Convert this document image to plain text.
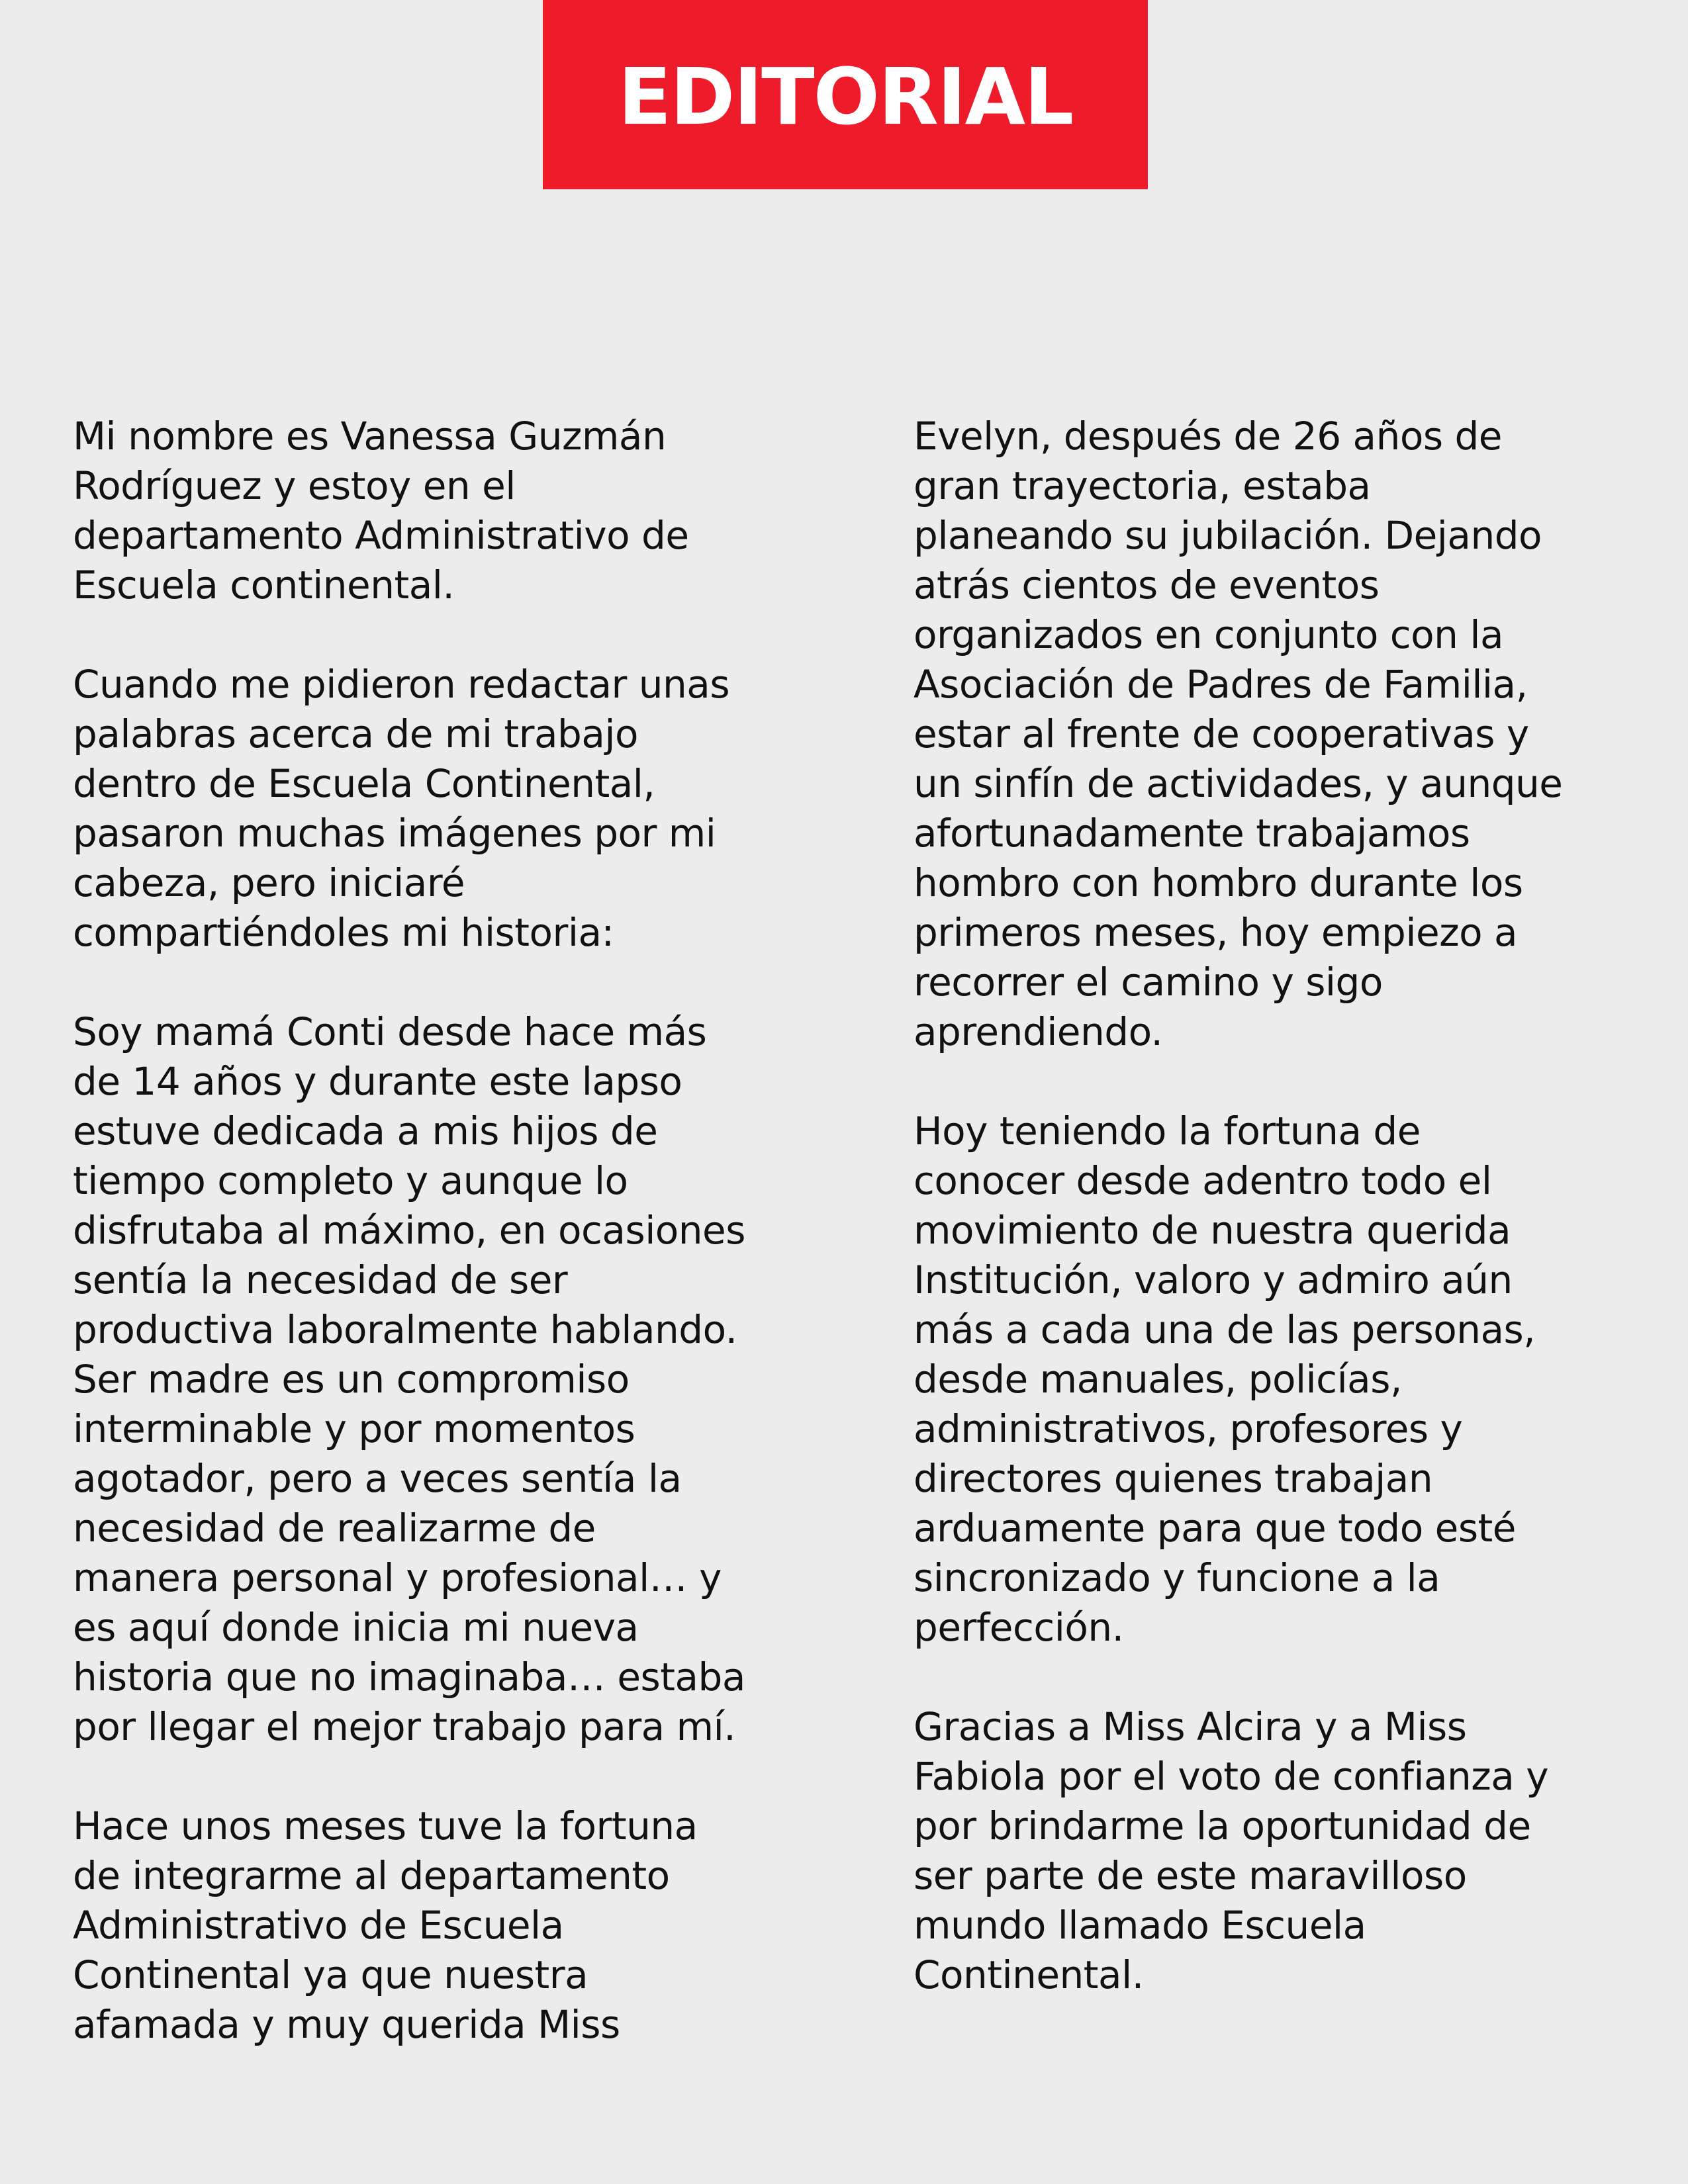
EDITORIAL

Mi nombre es Vanessa Guzmán
Rodríguez y estoy en el
departamento Administrativo de
Escuela continental.

Cuando me pidieron redactar unas
palabras acerca de mi trabajo
dentro de Escuela Continental,
pasaron muchas imágenes por mi
cabeza, pero iniciaré
compartiéndoles mi historia:

Soy mamá Conti desde hace más
de 14 años y durante este lapso
estuve dedicada a mis hijos de
tiempo completo y aunque lo
disfrutaba al máximo, en ocasiones
sentía la necesidad de ser
productiva laboralmente hablando.
Ser madre es un compromiso
interminable y por momentos
agotador, pero a veces sentía la
necesidad de realizarme de
manera personal y profesional… y
es aquí donde inicia mi nueva
historia que no imaginaba… estaba
por llegar el mejor trabajo para mí.

Hace unos meses tuve la fortuna
de integrarme al departamento
Administrativo de Escuela
Continental ya que nuestra
afamada y muy querida Miss

Evelyn, después de 26 años de
gran trayectoria, estaba
planeando su jubilación. Dejando
atrás cientos de eventos
organizados en conjunto con la
Asociación de Padres de Familia,
estar al frente de cooperativas y
un sinfín de actividades, y aunque
afortunadamente trabajamos
hombro con hombro durante los
primeros meses, hoy empiezo a
recorrer el camino y sigo
aprendiendo.

Hoy teniendo la fortuna de
conocer desde adentro todo el
movimiento de nuestra querida
Institución, valoro y admiro aún
más a cada una de las personas,
desde manuales, policías,
administrativos, profesores y
directores quienes trabajan
arduamente para que todo esté
sincronizado y funcione a la
perfección.

Gracias a Miss Alcira y a Miss
Fabiola por el voto de confianza y
por brindarme la oportunidad de
ser parte de este maravilloso
mundo llamado Escuela
Continental.
